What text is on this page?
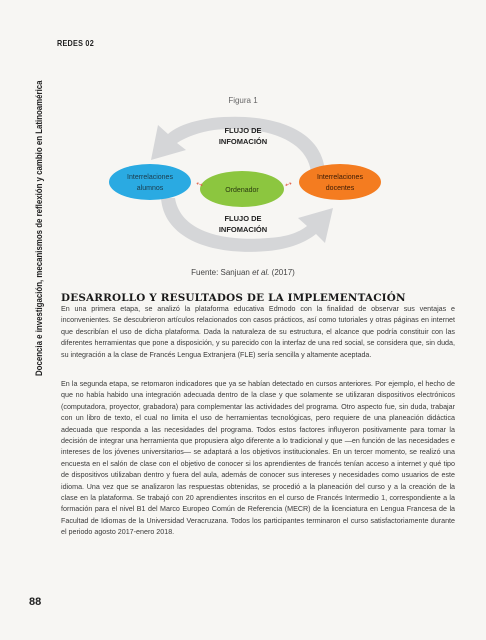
REDES 02
Docencia e investigación, mecanismos de reflexión y cambio en Latinoamérica	Figura 1
↔	↔
FLUJO DE
INFOMACIÓN
Interrelaciones
alumnos	Ordenador
Interrelaciones
docentes
FLUJO DE
INFOMACIÓN
Fuente: Sanjuan et al. (2017)
DESARROLLO Y RESULTADOS DE LA IMPLEMENTACIÓN

En una primera etapa, se analizó la plataforma educativa Edmodo con la finalidad de observar sus ventajas e inconvenientes. Se descubrieron artículos relacionados con casos prácticos, así como tutoriales y otras páginas en internet que describían el uso de dicha plataforma. Dada la naturaleza de su estructura, el alcance que podría constituir con las diferentes herramientas que pone a disposición, y su parecido con la interfaz de una red social, se considera que, sin duda, su integración a la clase de Francés Lengua Extranjera (FLE) sería sencilla y altamente aceptada.

En la segunda etapa, se retomaron indicadores que ya se habían detectado en cursos anteriores. Por ejemplo, el hecho de que no había habido una integración adecuada dentro de la clase y que solamente se utilizaran dispositivos electrónicos (computadora, proyector, grabadora) para complementar las actividades del programa. Otro aspecto fue, sin duda, trabajar con un libro de texto, el cual no limita el uso de herramientas tecnológicas, pero requiere de una planeación didáctica adecuada que responda a las necesidades del programa. Todos estos factores influyeron positivamente para tomar la decisión de integrar una herramienta que propusiera algo diferente a lo tradicional y que —en función de las necesidades e intereses de los jóvenes universitarios— se adaptará a los objetivos institucionales. En un tercer momento, se realizó una encuesta en el salón de clase con el objetivo de conocer si los aprendientes de francés tenían acceso a internet y qué tipo de dispositivos utilizaban dentro y fuera del aula, además de conocer sus intereses y necesidades como usuarios de este idioma. Una vez que se analizaron las respuestas obtenidas, se procedió a la planeación del curso y a la creación de la clase en la plataforma. Se trabajó con 20 aprendientes inscritos en el curso de Francés Intermedio 1, correspondiente a la formación para el nivel B1 del Marco Europeo Común de Referencia (MECR) de la licenciatura en Lengua Francesa de la Facultad de Idiomas de la Universidad Veracruzana. Todos los participantes terminaron el curso satisfactoriamente durante el periodo agosto 2017-enero 2018.

88
